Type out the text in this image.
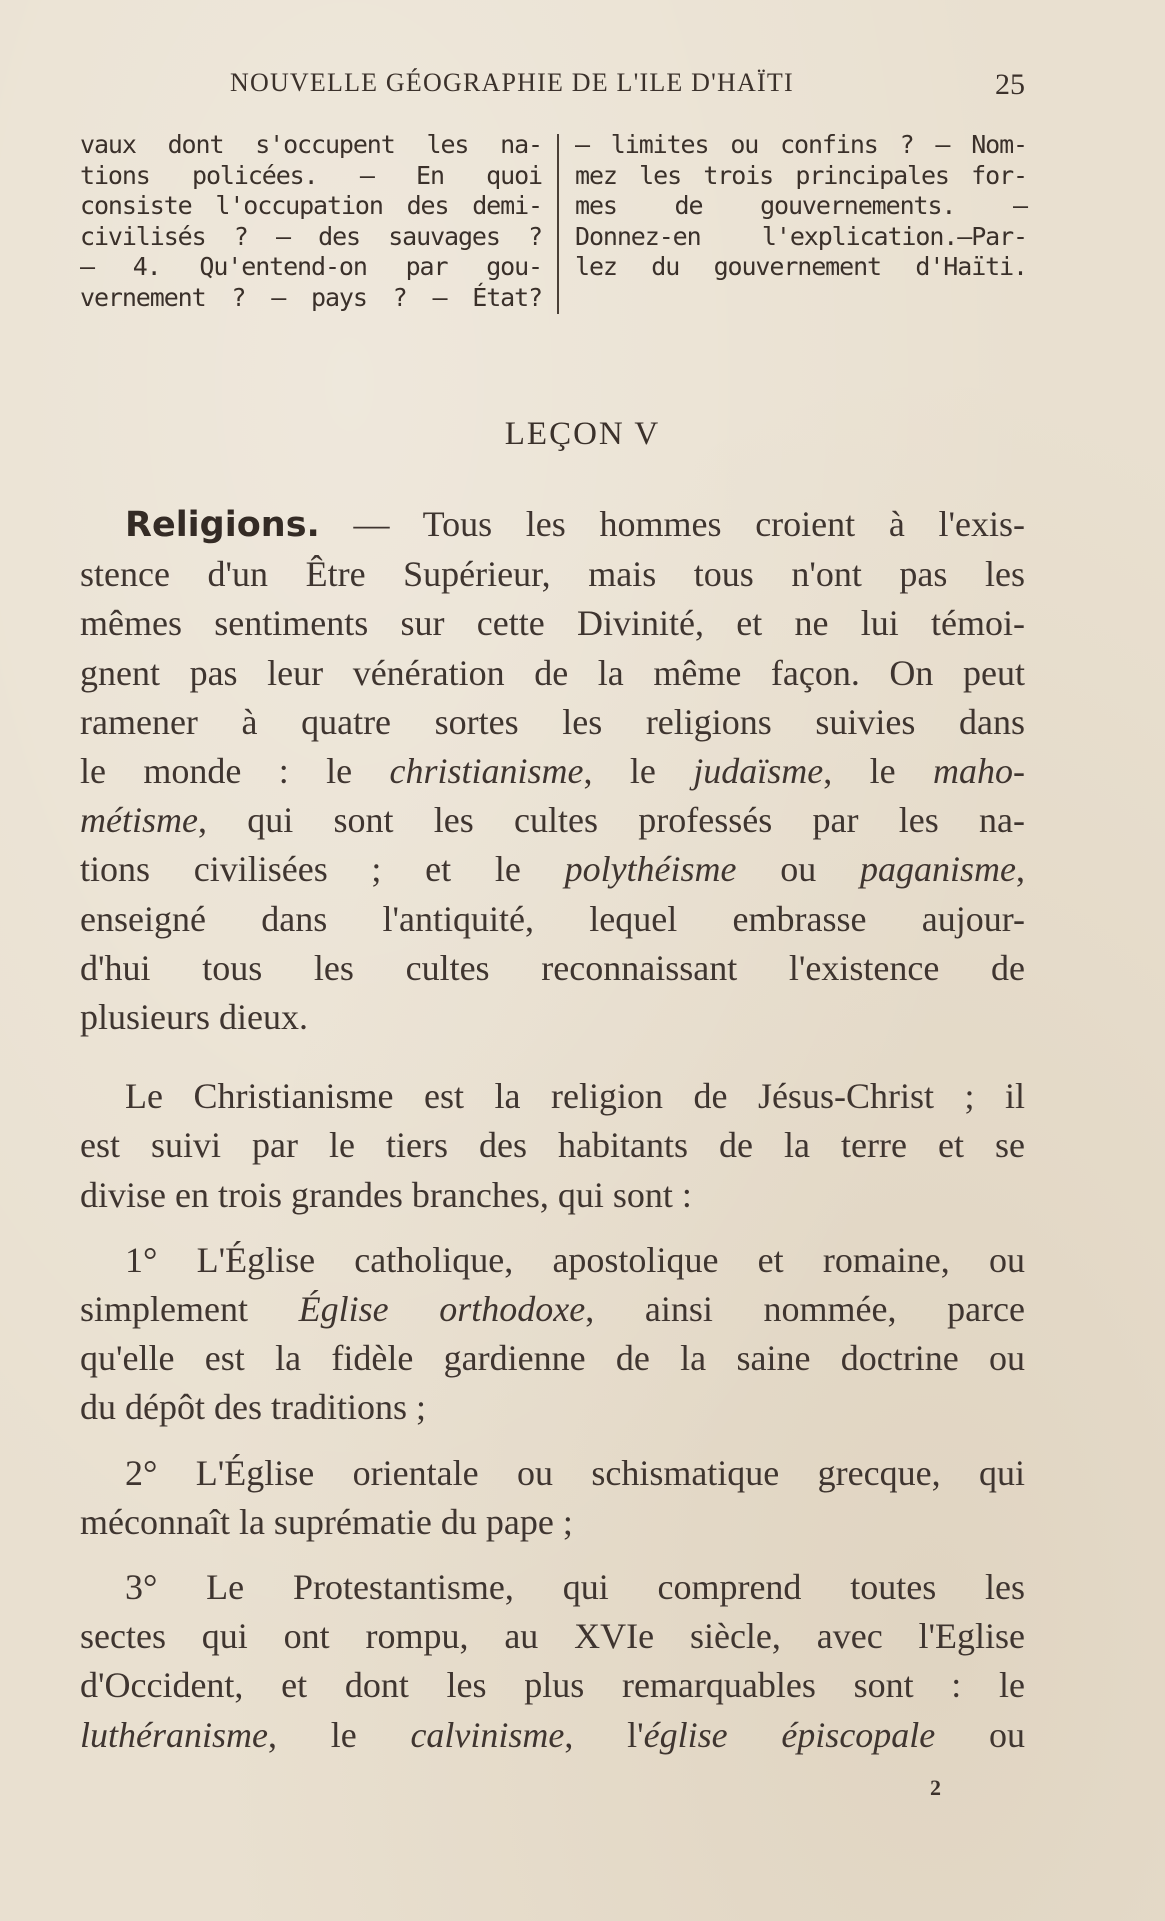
NOUVELLE GÉOGRAPHIE DE L'ILE D'HAÏTI	25
vaux dont s'occupent les na-
tions policées. — En quoi
consiste l'occupation des demi-
civilisés ? — des sauvages ?
— 4. Qu'entend-on par gou-
vernement ? — pays ? — État?
— limites ou confins ? — Nom-
mez les trois principales for-
mes de gouvernements. —
Donnez-en l'explication.—Par-
lez du gouvernement d'Haïti.
LEÇON V
Religions. — Tous les hommes croient à l'exis-
stence d'un Être Supérieur, mais tous n'ont pas les
mêmes sentiments sur cette Divinité, et ne lui témoi-
gnent pas leur vénération de la même façon. On peut
ramener à quatre sortes les religions suivies dans
le monde : le christianisme, le judaïsme, le maho-
métisme, qui sont les cultes professés par les na-
tions civilisées ; et le polythéisme ou paganisme,
enseigné dans l'antiquité, lequel embrasse aujour-
d'hui tous les cultes reconnaissant l'existence de
plusieurs dieux.
Le Christianisme est la religion de Jésus-Christ ; il
est suivi par le tiers des habitants de la terre et se
divise en trois grandes branches, qui sont :
1° L'Église catholique, apostolique et romaine, ou
simplement Église orthodoxe, ainsi nommée, parce
qu'elle est la fidèle gardienne de la saine doctrine ou
du dépôt des traditions ;
2° L'Église orientale ou schismatique grecque, qui
méconnaît la suprématie du pape ;
3° Le Protestantisme, qui comprend toutes les
sectes qui ont rompu, au XVIe siècle, avec l'Eglise
d'Occident, et dont les plus remarquables sont : le
luthéranisme, le calvinisme, l'église épiscopale ou
2
